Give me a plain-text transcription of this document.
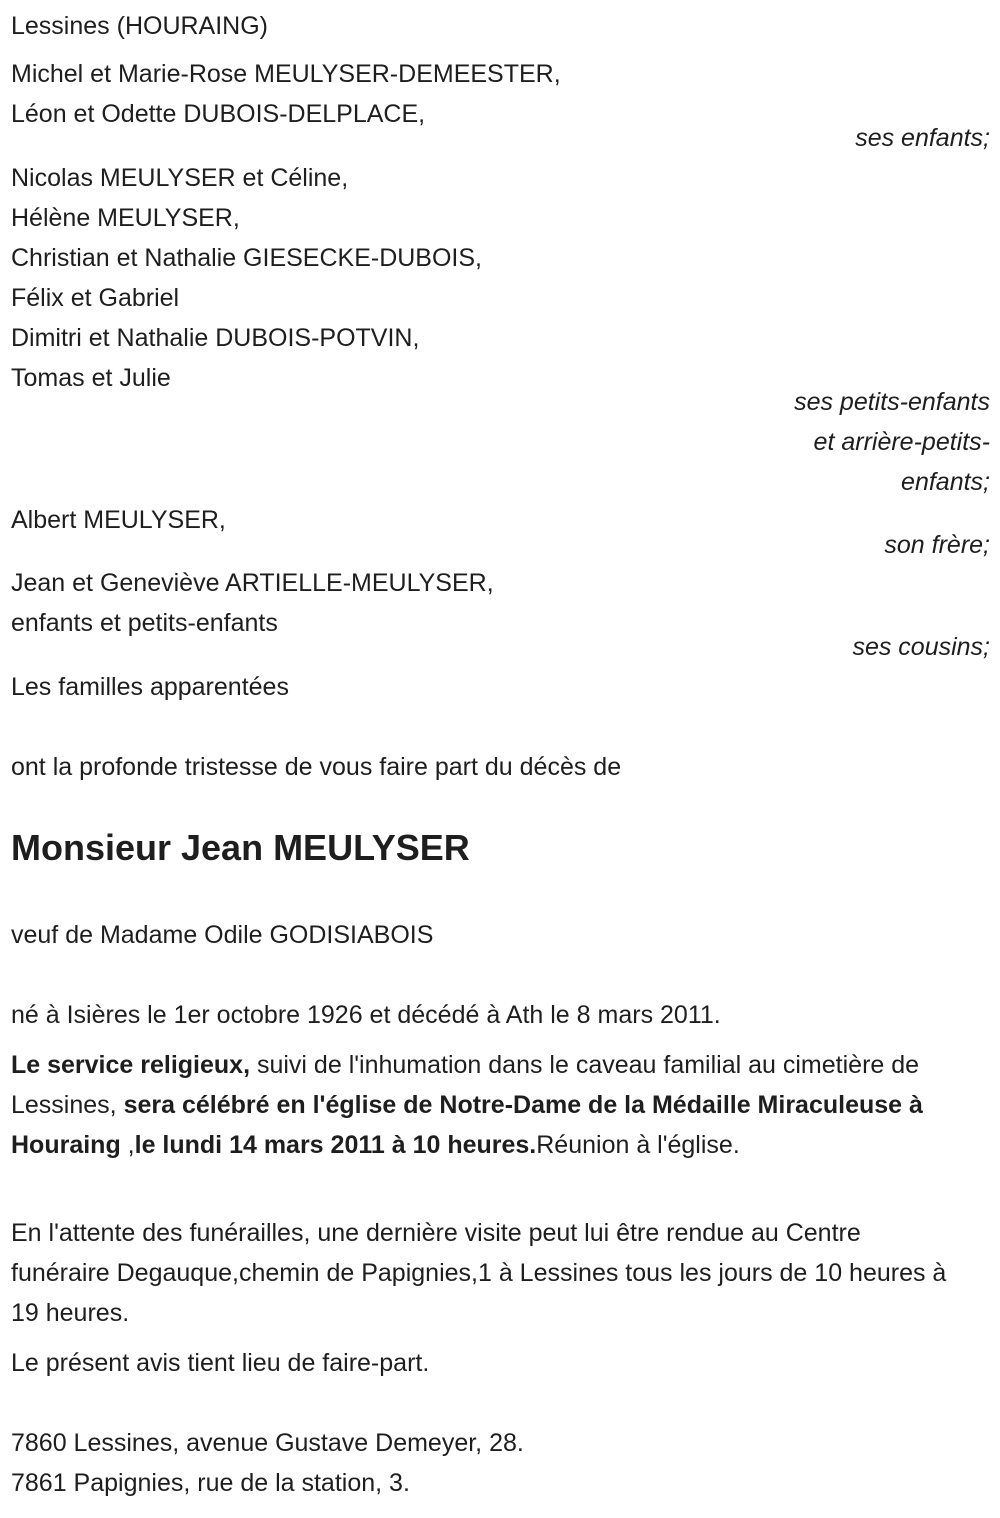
Lessines (HOURAING)
Michel et Marie-Rose MEULYSER-DEMEESTER,
Léon et Odette DUBOIS-DELPLACE,
ses enfants;
Nicolas MEULYSER et Céline,
Hélène MEULYSER,
Christian et Nathalie GIESECKE-DUBOIS,
Félix et Gabriel
Dimitri et Nathalie DUBOIS-POTVIN,
Tomas et Julie
ses petits-enfants
et arrière-petits-
enfants;
Albert MEULYSER,
son frère;
Jean et Geneviève ARTIELLE-MEULYSER,
enfants et petits-enfants
ses cousins;
Les familles apparentées
ont la profonde tristesse de vous faire part du décès de
Monsieur Jean MEULYSER
veuf de Madame Odile GODISIABOIS
né à Isières le 1er octobre 1926 et décédé à Ath le 8 mars 2011.
Le service religieux, suivi de l'inhumation dans le caveau familial au cimetière de Lessines, sera célébré en l'église de Notre-Dame de la Médaille Miraculeuse à Houraing ,le lundi 14 mars 2011 à 10 heures.Réunion à l'église.
En l'attente des funérailles, une dernière visite peut lui être rendue au Centre funéraire Degauque,chemin de Papignies,1 à Lessines tous les jours de 10 heures à 19 heures.
Le présent avis tient lieu de faire-part.
7860 Lessines, avenue Gustave Demeyer, 28.
7861 Papignies, rue de la station, 3.
